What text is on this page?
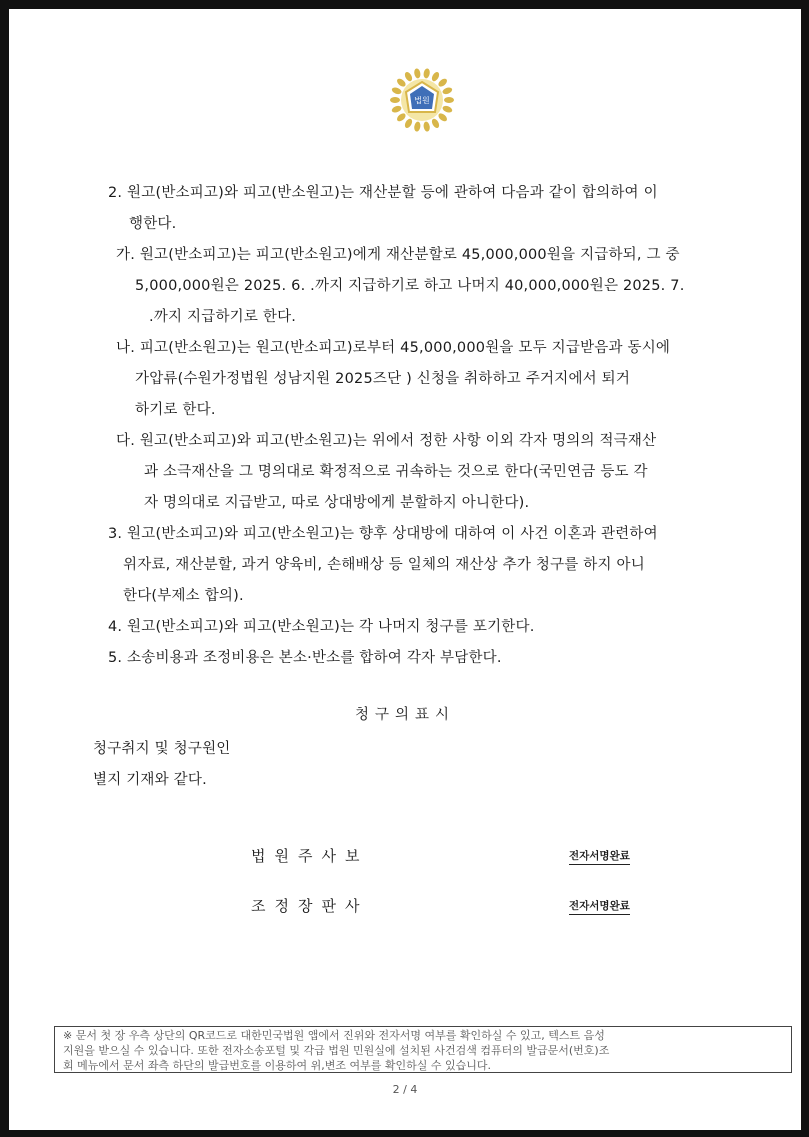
법원
2. 원고(반소피고)와 피고(반소원고)는 재산분할 등에 관하여 다음과 같이 합의하여 이
행한다.
가. 원고(반소피고)는 피고(반소원고)에게 재산분할로 45,000,000원을 지급하되, 그 중
5,000,000원은 2025. 6. .까지 지급하기로 하고 나머지 40,000,000원은 2025. 7.
.까지 지급하기로 한다.
나. 피고(반소원고)는 원고(반소피고)로부터 45,000,000원을 모두 지급받음과 동시에
가압류(수원가정법원 성남지원 2025즈단 ) 신청을 취하하고 주거지에서 퇴거
하기로 한다.
다. 원고(반소피고)와 피고(반소원고)는 위에서 정한 사항 이외 각자 명의의 적극재산
과 소극재산을 그 명의대로 확정적으로 귀속하는 것으로 한다(국민연금 등도 각
자 명의대로 지급받고, 따로 상대방에게 분할하지 아니한다).
3. 원고(반소피고)와 피고(반소원고)는 향후 상대방에 대하여 이 사건 이혼과 관련하여
위자료, 재산분할, 과거 양육비, 손해배상 등 일체의 재산상 추가 청구를 하지 아니
한다(부제소 합의).
4. 원고(반소피고)와 피고(반소원고)는 각 나머지 청구를 포기한다.
5. 소송비용과 조정비용은 본소·반소를 합하여 각자 부담한다.
청구의표시
청구취지 및 청구원인
별지 기재와 같다.
법원주사보	전자서명완료
조정장판사	전자서명완료
※ 문서 첫 장 우측 상단의 QR코드로 대한민국법원 앱에서 진위와 전자서명 여부를 확인하실 수 있고, 텍스트 음성
지원을 받으실 수 있습니다. 또한 전자소송포털 및 각급 법원 민원실에 설치된 사건검색 컴퓨터의 발급문서(번호)조
회 메뉴에서 문서 좌측 하단의 발급번호를 이용하여 위,변조 여부를 확인하실 수 있습니다.
2 / 4
